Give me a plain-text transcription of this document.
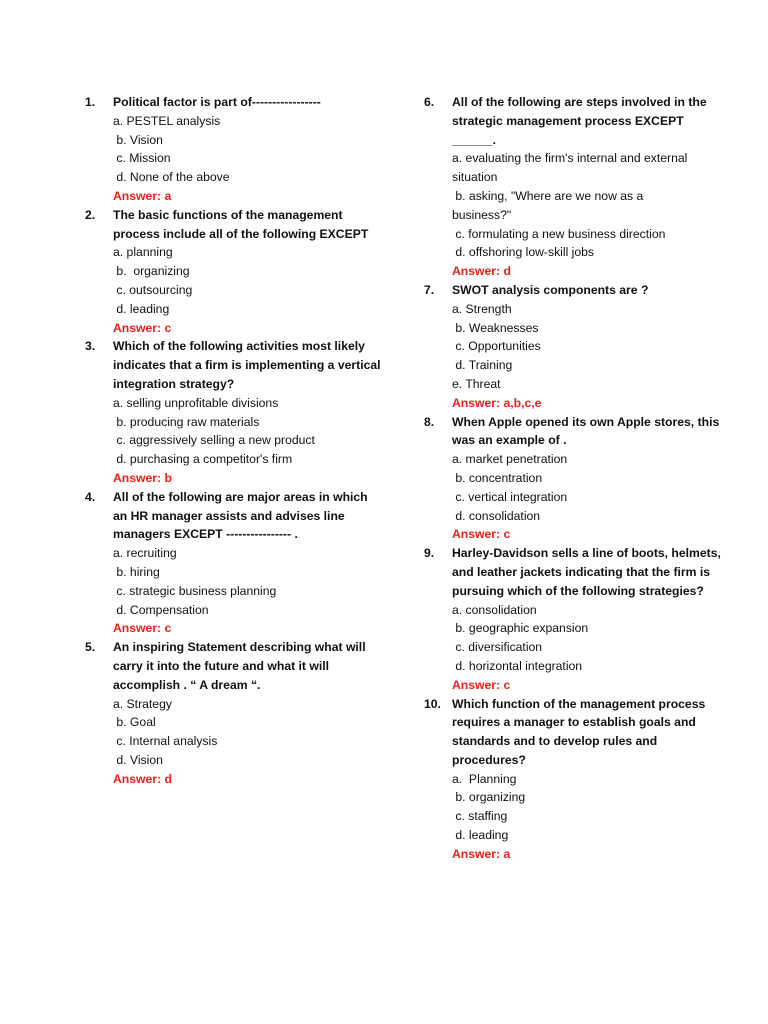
1.	Political factor is part of-----------------
a. PESTEL analysis
b. Vision
c. Mission
d. None of the above
Answer: a
2.	The basic functions of the management process include all of the following EXCEPT
a. planning
b.  organizing
c. outsourcing
d. leading
Answer: c
3.	Which of the following activities most likely indicates that a firm is implementing a vertical integration strategy?
a. selling unprofitable divisions
b. producing raw materials
c. aggressively selling a new product
d. purchasing a competitor's firm
Answer: b
4.	All of the following are major areas in which an HR manager assists and advises line managers EXCEPT ---------------- .
a. recruiting
b. hiring
c. strategic business planning
d. Compensation
Answer: c
5.	An inspiring Statement describing what will carry it into the future and what it will accomplish . “ A dream “.
a. Strategy
b. Goal
c. Internal analysis
d. Vision
Answer: d
6.	All of the following are steps involved in the strategic management process EXCEPT
______.
a. evaluating the firm's internal and external
situation
b. asking, "Where are we now as a
business?"
c. formulating a new business direction
d. offshoring low-skill jobs
Answer: d
7.	SWOT analysis components are ?
a. Strength
b. Weaknesses
c. Opportunities
d. Training
e. Threat
Answer: a,b,c,e
8.	When Apple opened its own Apple stores, this was an example of .
a. market penetration
b. concentration
c. vertical integration
d. consolidation
Answer: c
9.	Harley-Davidson sells a line of boots, helmets, and leather jackets indicating that the firm is pursuing which of the following strategies?
a. consolidation
b. geographic expansion
c. diversification
d. horizontal integration
Answer: c
10. Which function of the management process requires a manager to establish goals and standards and to develop rules and procedures?
a.  Planning
b. organizing
c. staffing
d. leading
Answer: a
